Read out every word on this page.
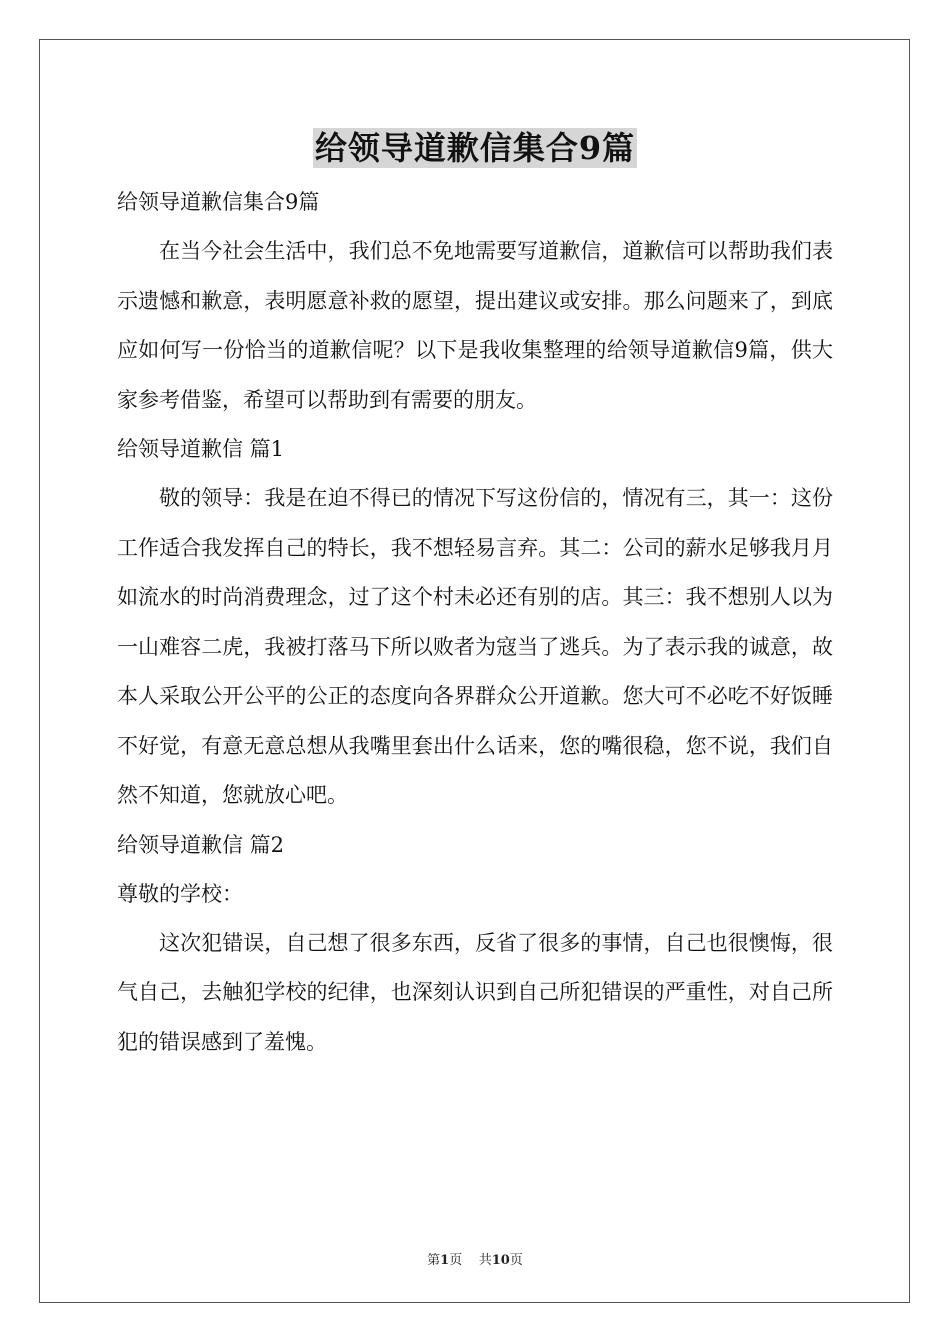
给领导道歉信集合9篇

给领导道歉信集合9篇

在当今社会生活中，我们总不免地需要写道歉信，道歉信可以帮助我们表示遗憾和歉意，表明愿意补救的愿望，提出建议或安排。那么问题来了，到底应如何写一份恰当的道歉信呢？以下是我收集整理的给领导道歉信9篇，供大家参考借鉴，希望可以帮助到有需要的朋友。

给领导道歉信 篇1

敬的领导：我是在迫不得已的情况下写这份信的，情况有三，其一：这份工作适合我发挥自己的特长，我不想轻易言弃。其二：公司的薪水足够我月月如流水的时尚消费理念，过了这个村未必还有别的店。其三：我不想别人以为一山难容二虎，我被打落马下所以败者为寇当了逃兵。为了表示我的诚意，故本人采取公开公平的公正的态度向各界群众公开道歉。您大可不必吃不好饭睡不好觉，有意无意总想从我嘴里套出什么话来，您的嘴很稳，您不说，我们自然不知道，您就放心吧。

给领导道歉信 篇2

尊敬的学校：

这次犯错误，自己想了很多东西，反省了很多的事情，自己也很懊悔，很气自己，去触犯学校的纪律，也深刻认识到自己所犯错误的严重性，对自己所犯的错误感到了羞愧。

第1页 共10页
